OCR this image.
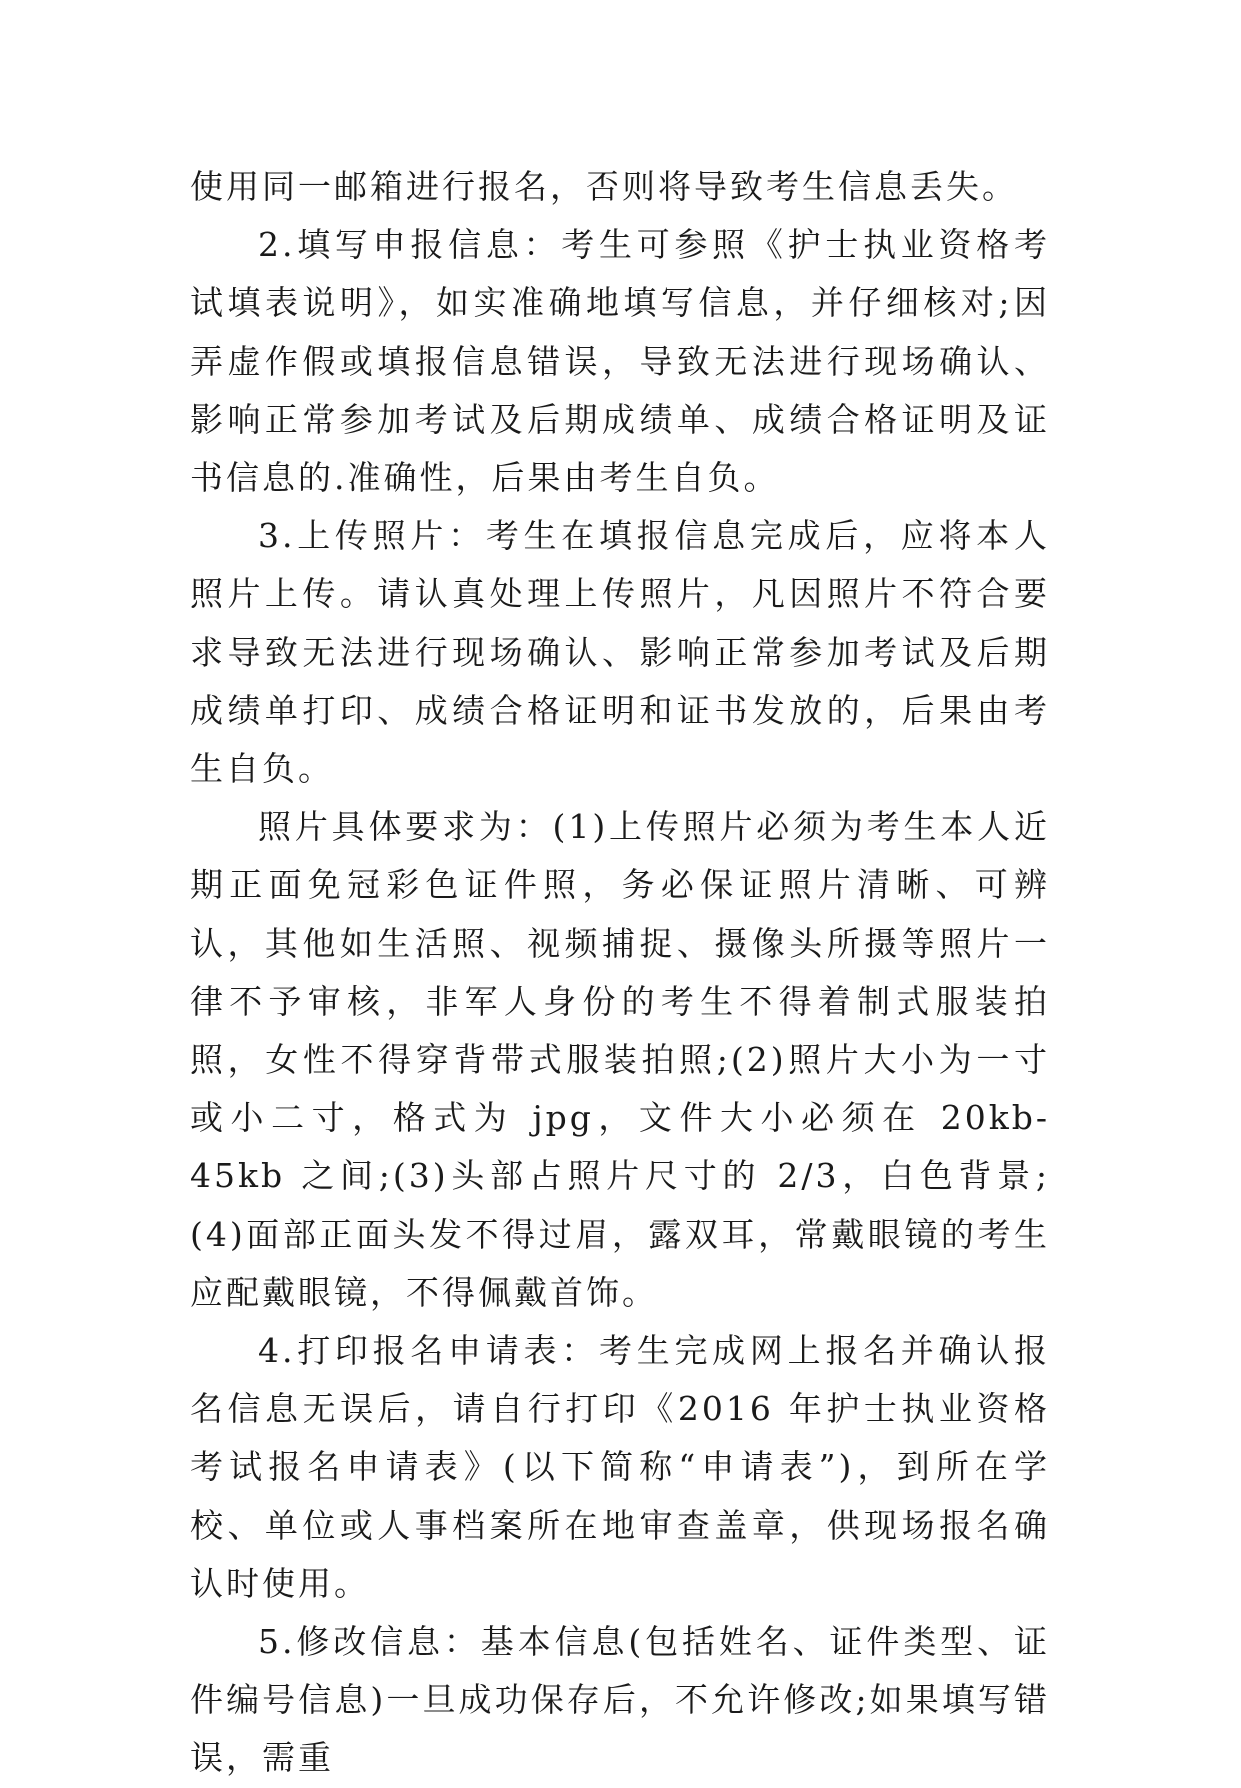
使用同一邮箱进行报名，否则将导致考生信息丢失。

2.填写申报信息：考生可参照《护士执业资格考试填表说明》，如实准确地填写信息，并仔细核对;因弄虚作假或填报信息错误，导致无法进行现场确认、影响正常参加考试及后期成绩单、成绩合格证明及证书信息的.准确性，后果由考生自负。

3.上传照片：考生在填报信息完成后，应将本人照片上传。请认真处理上传照片，凡因照片不符合要求导致无法进行现场确认、影响正常参加考试及后期成绩单打印、成绩合格证明和证书发放的，后果由考生自负。

照片具体要求为：(1)上传照片必须为考生本人近期正面免冠彩色证件照，务必保证照片清晰、可辨认，其他如生活照、视频捕捉、摄像头所摄等照片一律不予审核，非军人身份的考生不得着制式服装拍照，女性不得穿背带式服装拍照;(2)照片大小为一寸或小二寸，格式为 jpg，文件大小必须在 20kb-45kb 之间;(3)头部占照片尺寸的 2/3，白色背景;(4)面部正面头发不得过眉，露双耳，常戴眼镜的考生应配戴眼镜，不得佩戴首饰。

4.打印报名申请表：考生完成网上报名并确认报名信息无误后，请自行打印《2016 年护士执业资格考试报名申请表》(以下简称“申请表”)，到所在学校、单位或人事档案所在地审查盖章，供现场报名确认时使用。

5.修改信息：基本信息(包括姓名、证件类型、证件编号信息)一旦成功保存后，不允许修改;如果填写错误，需重
